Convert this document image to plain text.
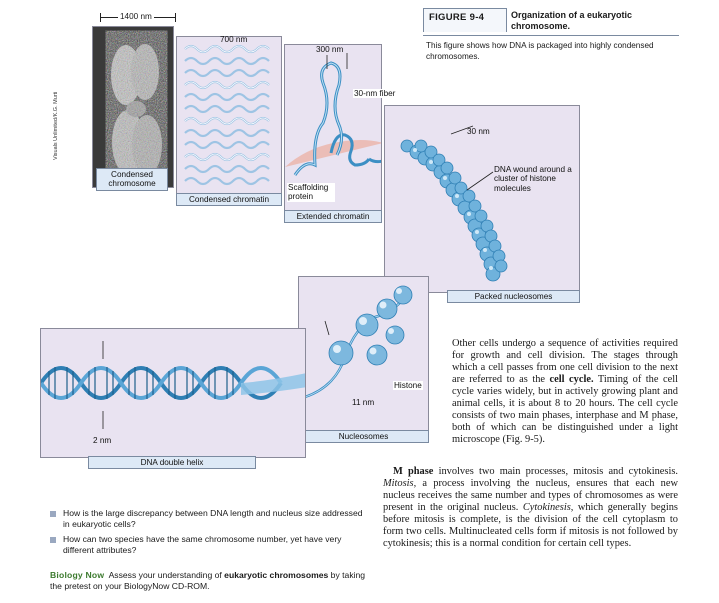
Condensed chromosome
Visuals Unlimited/K.G. Murti
1400 nm
700 nm
Condensed chromatin
300 nm
30-nm fiber
Scaffolding protein
Extended chromatin
30 nm
DNA wound around a cluster of histone molecules
Packed nucleosomes
Histone
11 nm
Nucleosomes
2 nm
DNA double helix
FIGURE 9-4	Organization of a eukaryotic chromosome.
This figure shows how DNA is packaged into highly condensed chromosomes.

Other cells undergo a sequence of activities required for growth and cell division. The stages through which a cell passes from one cell division to the next are referred to as the cell cycle. Timing of the cell cycle varies widely, but in actively growing plant and animal cells, it is about 8 to 20 hours. The cell cycle consists of two main phases, interphase and M phase, both of which can be distinguished under a light microscope (Fig. 9-5).

M phase involves two main processes, mitosis and cytokinesis. Mitosis, a process involving the nucleus, ensures that each new nucleus receives the same number and types of chromosomes as were present in the original nucleus. Cytokinesis, which generally begins before mitosis is complete, is the division of the cell cytoplasm to form two cells. Multinucleated cells form if mitosis is not followed by cytokinesis; this is a normal condition for certain cell types.

How is the large discrepancy between DNA length and nucleus size addressed in eukaryotic cells?
How can two species have the same chromosome number, yet have very different attributes?
Biology Now Assess your understanding of eukaryotic chromosomes by taking the pretest on your BiologyNow CD-ROM.
